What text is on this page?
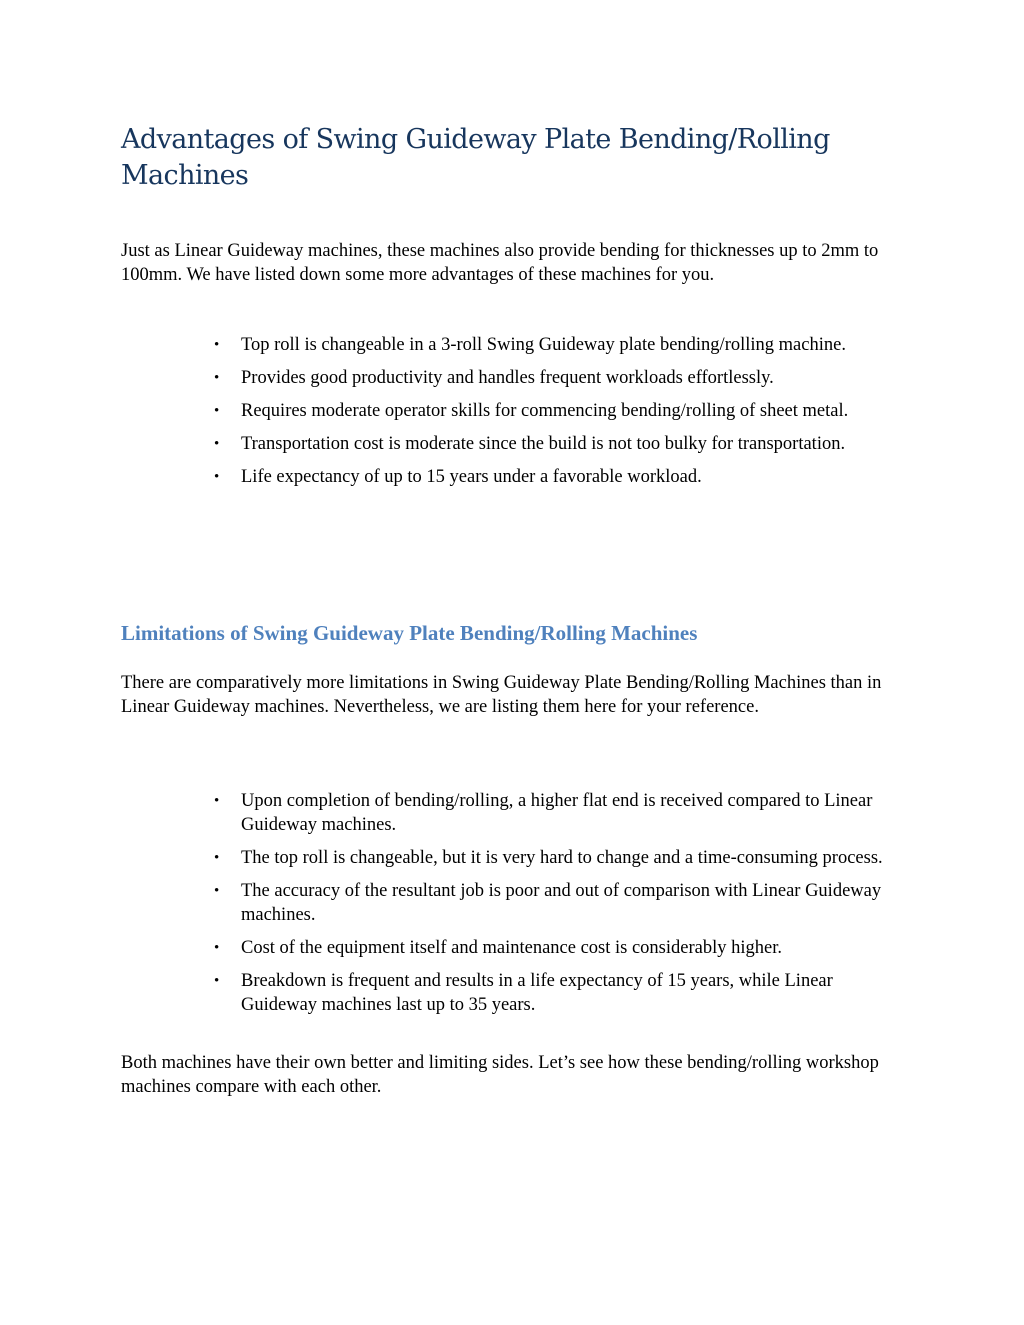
Advantages of Swing Guideway Plate Bending/Rolling Machines

Just as Linear Guideway machines, these machines also provide bending for thicknesses up to 2mm to 100mm. We have listed down some more advantages of these machines for you.

• Top roll is changeable in a 3-roll Swing Guideway plate bending/rolling machine.
• Provides good productivity and handles frequent workloads effortlessly.
• Requires moderate operator skills for commencing bending/rolling of sheet metal.
• Transportation cost is moderate since the build is not too bulky for transportation.
• Life expectancy of up to 15 years under a favorable workload.
Limitations of Swing Guideway Plate Bending/Rolling Machines

There are comparatively more limitations in Swing Guideway Plate Bending/Rolling Machines than in Linear Guideway machines. Nevertheless, we are listing them here for your reference.

• Upon completion of bending/rolling, a higher flat end is received compared to Linear Guideway machines.
• The top roll is changeable, but it is very hard to change and a time-consuming process.
• The accuracy of the resultant job is poor and out of comparison with Linear Guideway machines.
• Cost of the equipment itself and maintenance cost is considerably higher.
• Breakdown is frequent and results in a life expectancy of 15 years, while Linear Guideway machines last up to 35 years.

Both machines have their own better and limiting sides. Let’s see how these bending/rolling workshop machines compare with each other.
